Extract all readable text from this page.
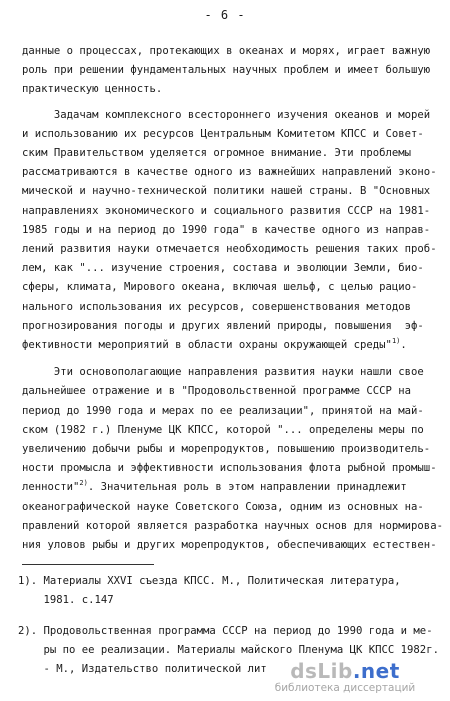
- 6 -
данные о процессах, протекающих в океанах и морях, играет важную
роль при решении фундаментальных научных проблем и имеет большую
практическую ценность.
Задачам комплексного всестороннего изучения океанов и морей
и использованию их ресурсов Центральным Комитетом КПСС и Совет-
ским Правительством уделяется огромное внимание. Эти проблемы
рассматриваются в качестве одного из важнейших направлений эконо-
мической и научно-технической политики нашей страны. В "Основных
направлениях экономического и социального развития СССР на 1981-
1985 годы и на период до 1990 года" в качестве одного из направ-
лений развития науки отмечается необходимость решения таких проб-
лем, как "... изучение строения, состава и эволюции Земли, био-
сферы, климата, Мирового океана, включая шельф, с целью рацио-
нального использования их ресурсов, совершенствования методов
прогнозирования погоды и других явлений природы, повышения  эф-
фективности мероприятий в области охраны окружающей среды"$^{1)}$.
Эти основополагающие направления развития науки нашли свое
дальнейшее отражение и в "Продовольственной программе СССР на
период до 1990 года и мерах по ее реализации", принятой на май-
ском (1982 г.) Пленуме ЦК КПСС, которой "... определены меры по
увеличению добычи рыбы и морепродуктов, повышению производитель-
ности промысла и эффективности использования флота рыбной промыш-
ленности"$^{2)}$. Значительная роль в этом направлении принадлежит
океанографической науке Советского Союза, одним из основных на-
правлений которой является разработка научных основ для нормирова-
ния уловов рыбы и других морепродуктов, обеспечивающих естествен-
1). Материалы XXVI съезда КПСС. М., Политическая литература,
1981. с.147
2). Продовольственная программа СССР на период до 1990 года и ме-
ры по ее реализации. Материалы майского Пленума ЦК КПСС 1982г.
- М., Издательство политической лит	dsLib.net
библиотека диссертаций
